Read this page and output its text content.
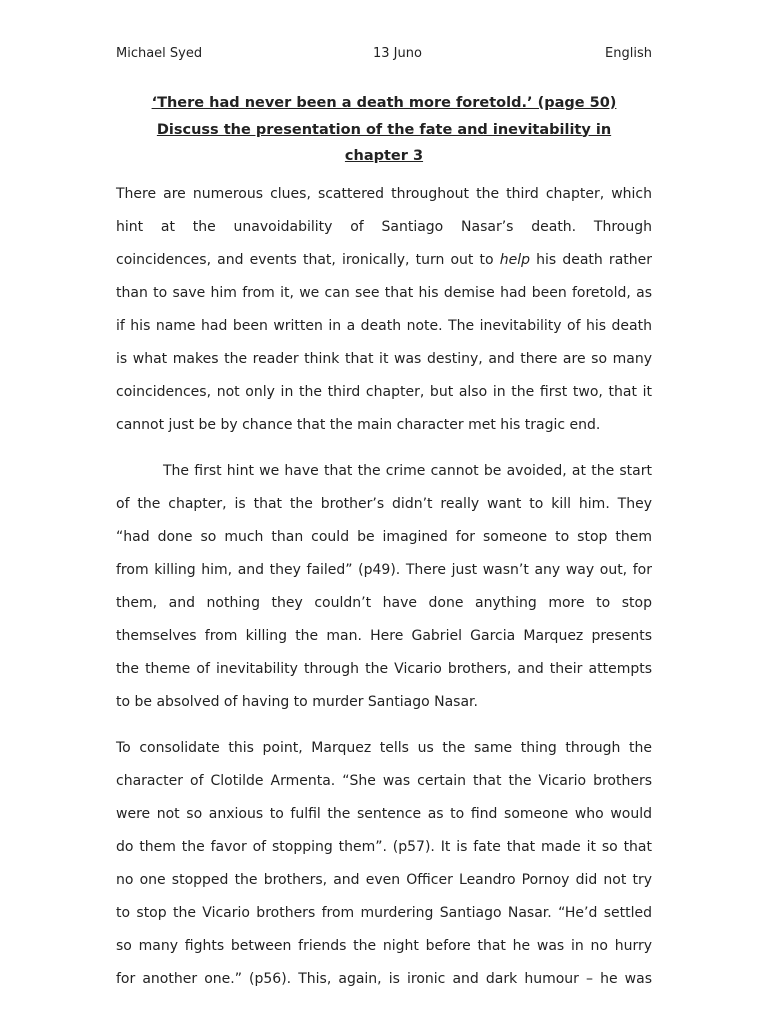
Michael Syed	13 Juno	English
‘There had never been a death more foretold.’ (page 50)
Discuss the presentation of the fate and inevitability in
chapter 3
There are numerous clues, scattered throughout the third chapter, which
hint at the unavoidability of Santiago Nasar’s death. Through
coincidences, and events that, ironically, turn out to help his death rather
than to save him from it, we can see that his demise had been foretold, as
if his name had been written in a death note. The inevitability of his death
is what makes the reader think that it was destiny, and there are so many
coincidences, not only in the third chapter, but also in the first two, that it
cannot just be by chance that the main character met his tragic end.
The first hint we have that the crime cannot be avoided, at the start
of the chapter, is that the brother’s didn’t really want to kill him. They
“had done so much than could be imagined for someone to stop them
from killing him, and they failed” (p49). There just wasn’t any way out, for
them, and nothing they couldn’t have done anything more to stop
themselves from killing the man. Here Gabriel Garcia Marquez presents
the theme of inevitability through the Vicario brothers, and their attempts
to be absolved of having to murder Santiago Nasar.
To consolidate this point, Marquez tells us the same thing through the
character of Clotilde Armenta. “She was certain that the Vicario brothers
were not so anxious to fulfil the sentence as to find someone who would
do them the favor of stopping them”. (p57). It is fate that made it so that
no one stopped the brothers, and even Officer Leandro Pornoy did not try
to stop the Vicario brothers from murdering Santiago Nasar. “He’d settled
so many fights between friends the night before that he was in no hurry
for another one.” (p56). This, again, is ironic and dark humour – he was
